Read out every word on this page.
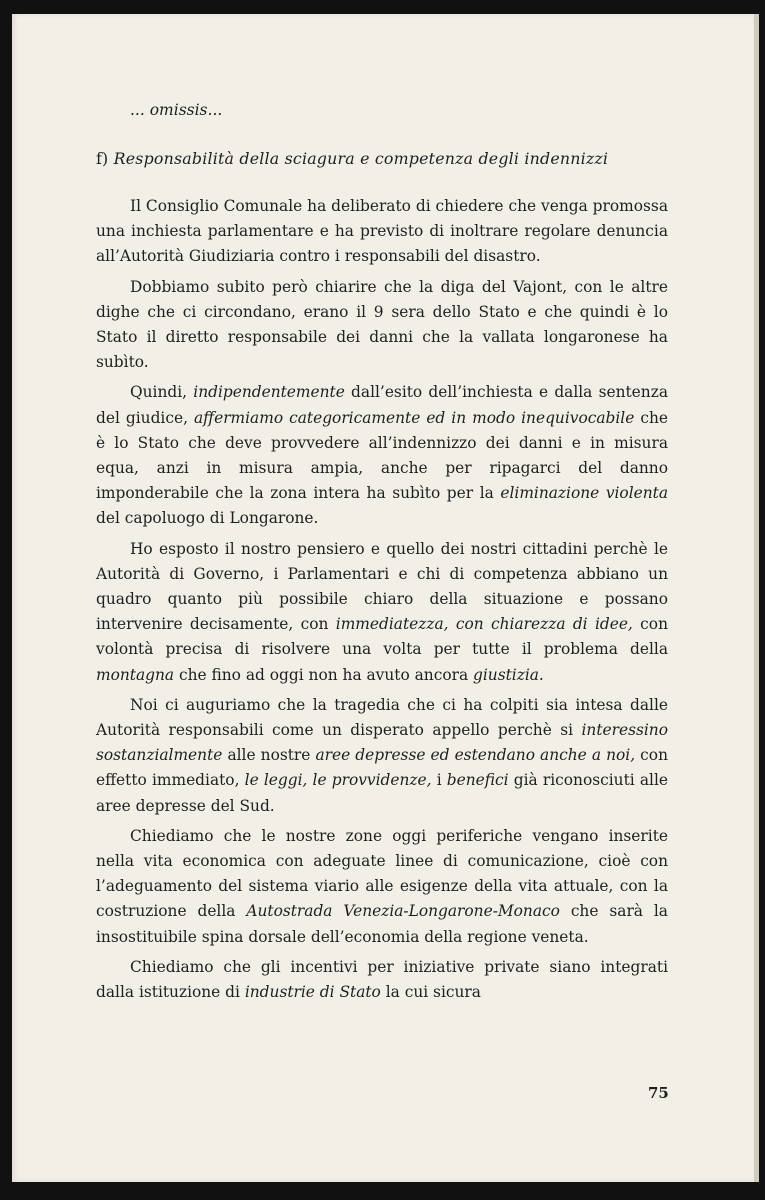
... omissis...
f) Responsabilità della sciagura e competenza degli indennizzi

Il Consiglio Comunale ha deliberato di chiedere che venga promossa una inchiesta parlamentare e ha previsto di inoltrare regolare denuncia all’Autorità Giudiziaria contro i responsabili del disastro.

Dobbiamo subito però chiarire che la diga del Vajont, con le altre dighe che ci circondano, erano il 9 sera dello Stato e che quindi è lo Stato il diretto responsabile dei danni che la vallata longaronese ha subìto.

Quindi, indipendentemente dall’esito dell’inchiesta e dalla sentenza del giudice, affermiamo categoricamente ed in modo inequivocabile che è lo Stato che deve provvedere all’indennizzo dei danni e in misura equa, anzi in misura ampia, anche per ripagarci del danno imponderabile che la zona intera ha subìto per la eliminazione violenta del capoluogo di Longarone.

Ho esposto il nostro pensiero e quello dei nostri cittadini perchè le Autorità di Governo, i Parlamentari e chi di competenza abbiano un quadro quanto più possibile chiaro della situazione e possano intervenire decisamente, con immediatezza, con chiarezza di idee, con volontà precisa di risolvere una volta per tutte il problema della montagna che fino ad oggi non ha avuto ancora giustizia.

Noi ci auguriamo che la tragedia che ci ha colpiti sia intesa dalle Autorità responsabili come un disperato appello perchè si interessino sostanzialmente alle nostre aree depresse ed estendano anche a noi, con effetto immediato, le leggi, le provvidenze, i benefici già riconosciuti alle aree depresse del Sud.

Chiediamo che le nostre zone oggi periferiche vengano inserite nella vita economica con adeguate linee di comunicazione, cioè con l’adeguamento del sistema viario alle esigenze della vita attuale, con la costruzione della Autostrada Venezia-Longarone-Monaco che sarà la insostituibile spina dorsale dell’economia della regione veneta.

Chiediamo che gli incentivi per iniziative private siano integrati dalla istituzione di industrie di Stato la cui sicura

75
